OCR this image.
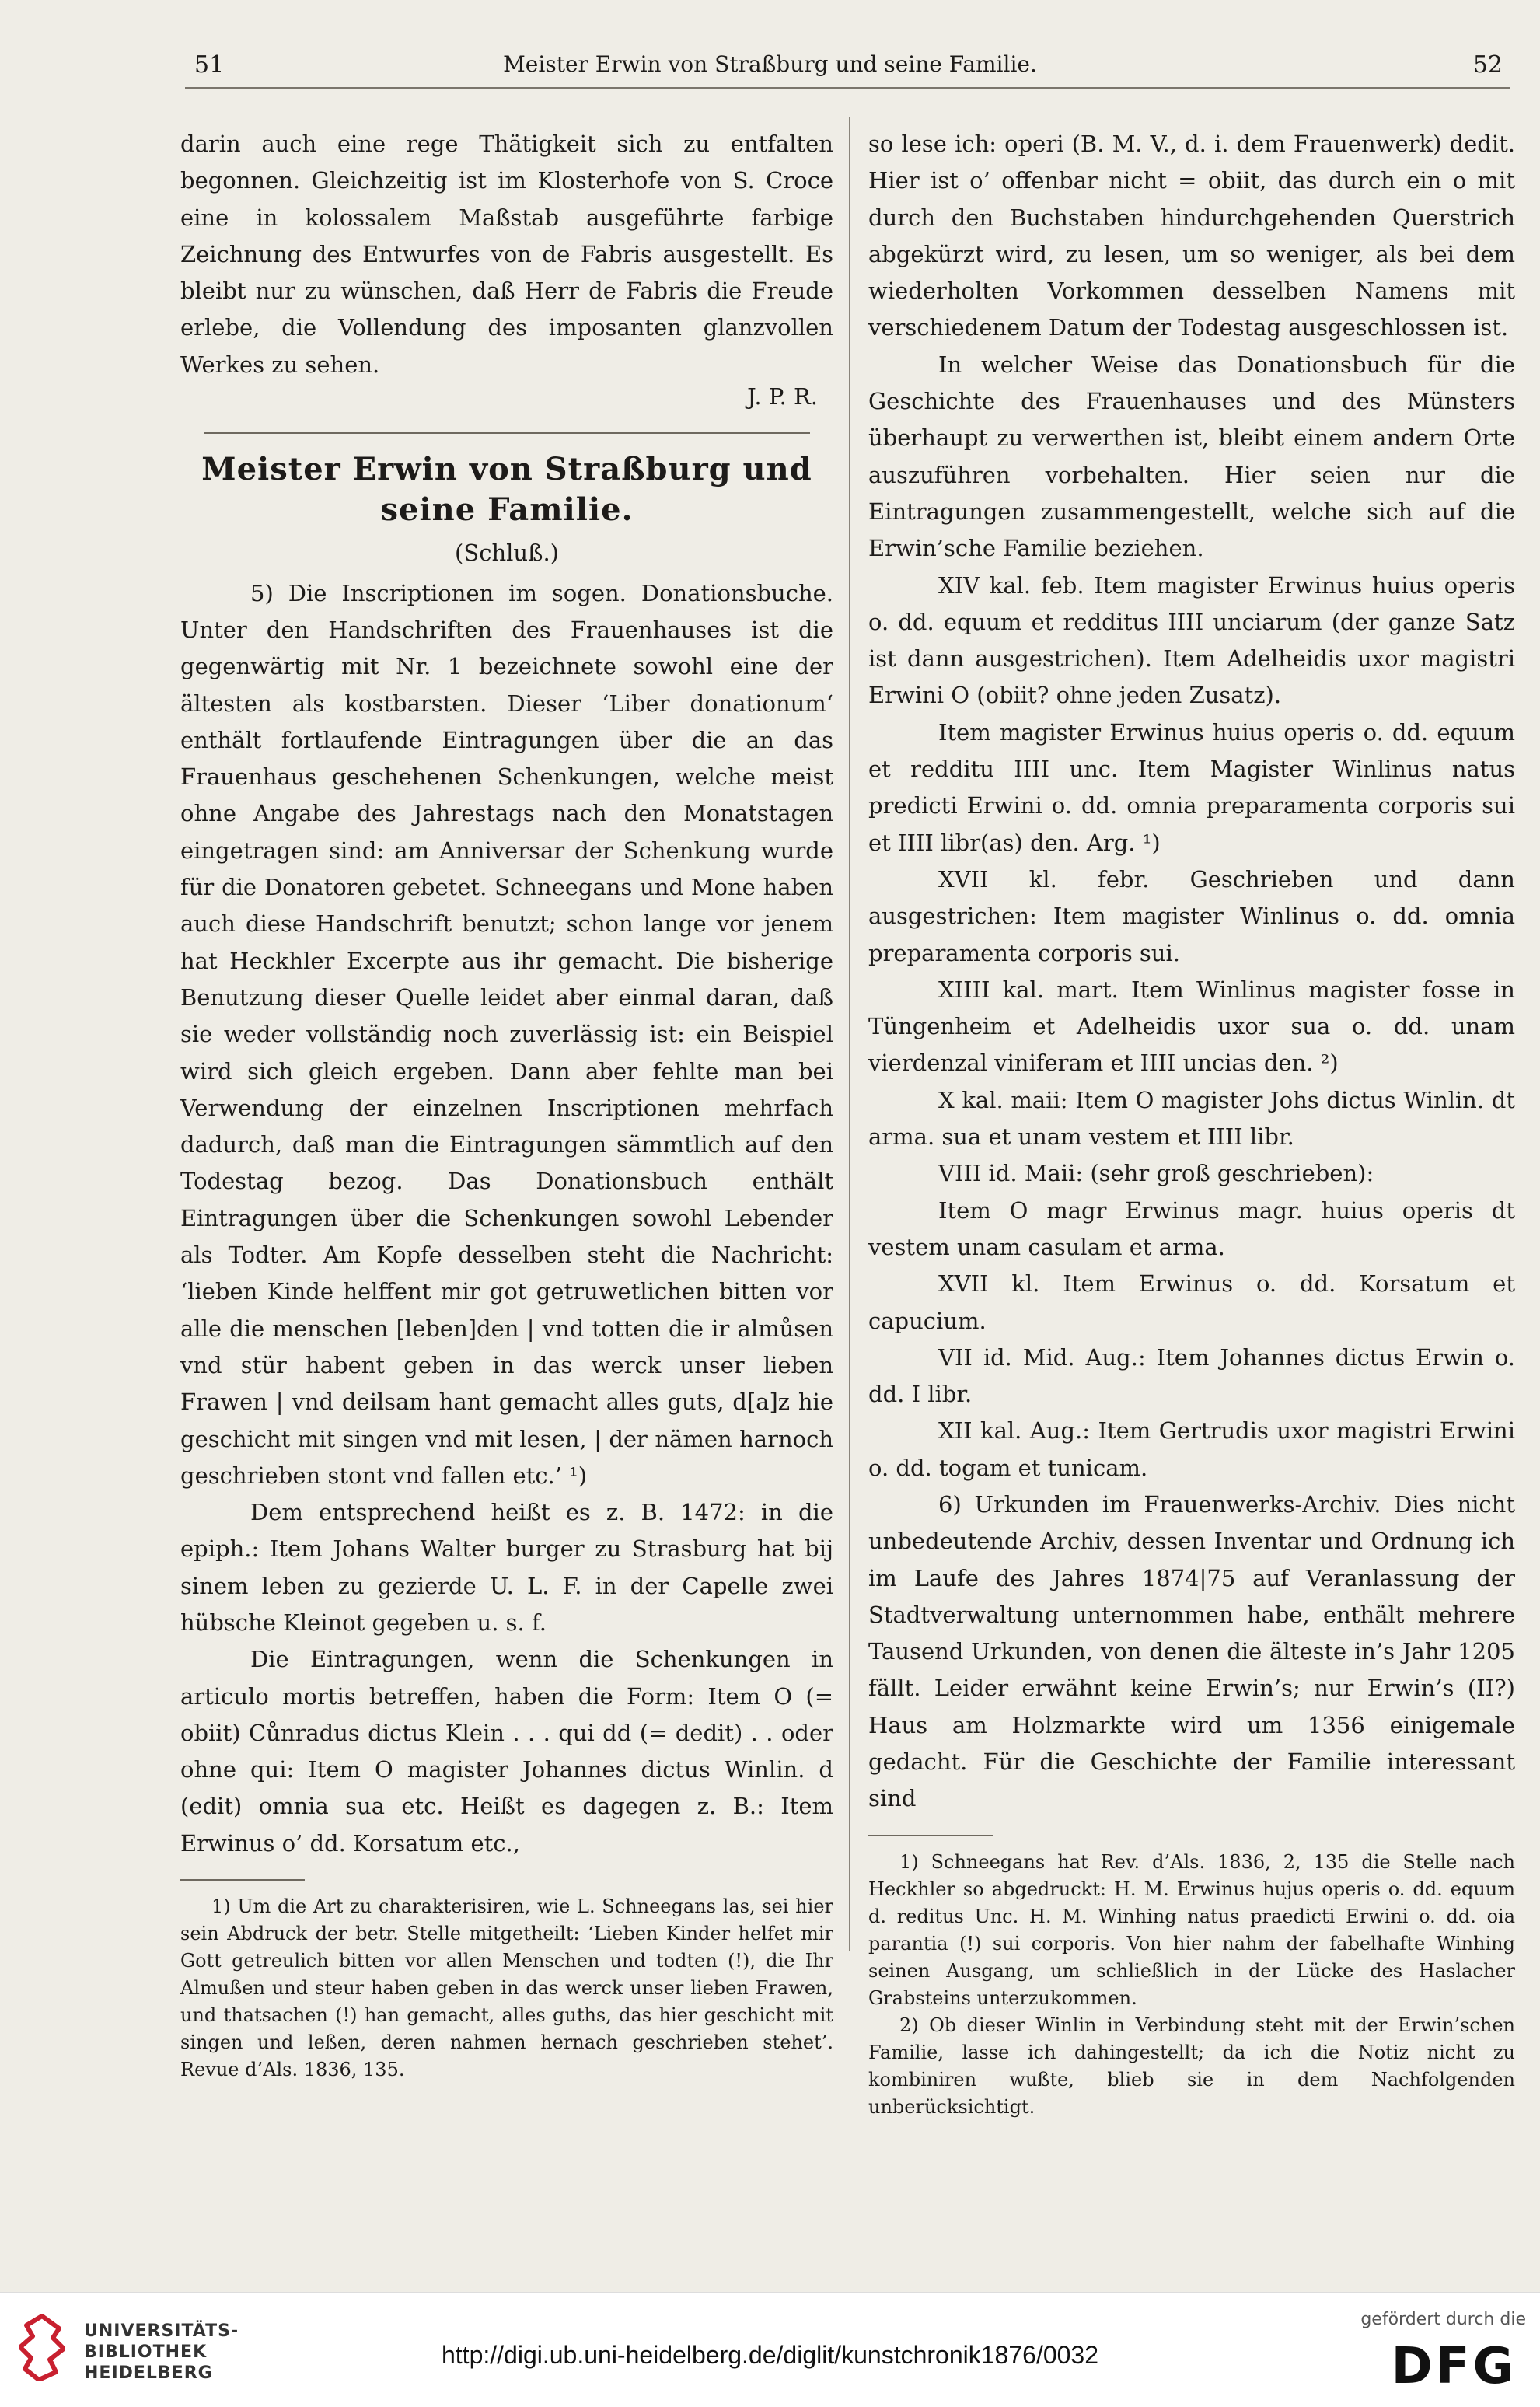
51	Meister Erwin von Straßburg und seine Familie.	52

darin auch eine rege Thätigkeit sich zu entfalten begonnen. Gleichzeitig ist im Klosterhofe von S. Croce eine in kolossalem Maßstab ausgeführte farbige Zeichnung des Entwurfes von de Fabris ausgestellt. Es bleibt nur zu wünschen, daß Herr de Fabris die Freude erlebe, die Vollendung des imposanten glanzvollen Werkes zu sehen.

J. P. R.

Meister Erwin von Straßburg und seine Familie.

(Schluß.)

5) Die Inscriptionen im sogen. Donationsbuche. Unter den Handschriften des Frauenhauses ist die gegenwärtig mit Nr. 1 bezeichnete sowohl eine der ältesten als kostbarsten. Dieser ‘Liber donationum‘ enthält fortlaufende Eintragungen über die an das Frauenhaus geschehenen Schenkungen, welche meist ohne Angabe des Jahrestags nach den Monatstagen eingetragen sind: am Anniversar der Schenkung wurde für die Donatoren gebetet. Schneegans und Mone haben auch diese Handschrift benutzt; schon lange vor jenem hat Heckhler Excerpte aus ihr gemacht. Die bisherige Benutzung dieser Quelle leidet aber einmal daran, daß sie weder vollständig noch zuverlässig ist: ein Beispiel wird sich gleich ergeben. Dann aber fehlte man bei Verwendung der einzelnen Inscriptionen mehrfach dadurch, daß man die Eintragungen sämmtlich auf den Todestag bezog. Das Donationsbuch enthält Eintragungen über die Schenkungen sowohl Lebender als Todter. Am Kopfe desselben steht die Nachricht: ‘lieben Kinde helffent mir got getruwetlichen bitten vor alle die menschen [leben]den | vnd totten die ir almůsen vnd stür habent geben in das werck unser lieben Frawen | vnd deilsam hant gemacht alles guts, d[a]z hie geschicht mit singen vnd mit lesen, | der nämen harnoch geschrieben stont vnd fallen etc.’ ¹)

Dem entsprechend heißt es z. B. 1472: in die epiph.: Item Johans Walter burger zu Strasburg hat bij sinem leben zu gezierde U. L. F. in der Capelle zwei hübsche Kleinot gegeben u. s. f.

Die Eintragungen, wenn die Schenkungen in articulo mortis betreffen, haben die Form: Item O (= obiit) Cůnradus dictus Klein . . . qui dd (= dedit) . . oder ohne qui: Item O magister Johannes dictus Winlin. d (edit) omnia sua etc. Heißt es dagegen z. B.: Item Erwinus o’ dd. Korsatum etc.,

1) Um die Art zu charakterisiren, wie L. Schneegans las, sei hier sein Abdruck der betr. Stelle mitgetheilt: ‘Lieben Kinder helfet mir Gott getreulich bitten vor allen Menschen und todten (!), die Ihr Almußen und steur haben geben in das werck unser lieben Frawen, und thatsachen (!) han gemacht, alles guths, das hier geschicht mit singen und leßen, deren nahmen hernach geschrieben stehet’. Revue d’Als. 1836, 135.

so lese ich: operi (B. M. V., d. i. dem Frauenwerk) dedit. Hier ist o’ offenbar nicht = obiit, das durch ein o mit durch den Buchstaben hindurchgehenden Querstrich abgekürzt wird, zu lesen, um so weniger, als bei dem wiederholten Vorkommen desselben Namens mit verschiedenem Datum der Todestag ausgeschlossen ist.

In welcher Weise das Donationsbuch für die Geschichte des Frauenhauses und des Münsters überhaupt zu verwerthen ist, bleibt einem andern Orte auszuführen vorbehalten. Hier seien nur die Eintragungen zusammengestellt, welche sich auf die Erwin’sche Familie beziehen.

XIV kal. feb. Item magister Erwinus huius operis o. dd. equum et redditus IIII unciarum (der ganze Satz ist dann ausgestrichen). Item Adelheidis uxor magistri Erwini O (obiit? ohne jeden Zusatz).

Item magister Erwinus huius operis o. dd. equum et redditu IIII unc. Item Magister Winlinus natus predicti Erwini o. dd. omnia preparamenta corporis sui et IIII libr(as) den. Arg. ¹)

XVII kl. febr. Geschrieben und dann ausgestrichen: Item magister Winlinus o. dd. omnia preparamenta corporis sui.

XIIII kal. mart. Item Winlinus magister fosse in Tüngenheim et Adelheidis uxor sua o. dd. unam vierdenzal viniferam et IIII uncias den. ²)

X kal. maii: Item O magister Johs dictus Winlin. dt arma. sua et unam vestem et IIII libr.

VIII id. Maii: (sehr groß geschrieben):

Item O magr Erwinus magr. huius operis dt vestem unam casulam et arma.

XVII kl. Item Erwinus o. dd. Korsatum et capucium.

VII id. Mid. Aug.: Item Johannes dictus Erwin o. dd. I libr.

XII kal. Aug.: Item Gertrudis uxor magistri Erwini o. dd. togam et tunicam.

6) Urkunden im Frauenwerks-Archiv. Dies nicht unbedeutende Archiv, dessen Inventar und Ordnung ich im Laufe des Jahres 1874|75 auf Veranlassung der Stadtverwaltung unternommen habe, enthält mehrere Tausend Urkunden, von denen die älteste in’s Jahr 1205 fällt. Leider erwähnt keine Erwin’s; nur Erwin’s (II?) Haus am Holzmarkte wird um 1356 einigemale gedacht. Für die Geschichte der Familie interessant sind

1) Schneegans hat Rev. d’Als. 1836, 2, 135 die Stelle nach Heckhler so abgedruckt: H. M. Erwinus hujus operis o. dd. equum d. reditus Unc. H. M. Winhing natus praedicti Erwini o. dd. oia parantia (!) sui corporis. Von hier nahm der fabelhafte Winhing seinen Ausgang, um schließlich in der Lücke des Haslacher Grabsteins unterzukommen.

2) Ob dieser Winlin in Verbindung steht mit der Erwin’schen Familie, lasse ich dahingestellt; da ich die Notiz nicht zu kombiniren wußte, blieb sie in dem Nachfolgenden unberücksichtigt.

UNIVERSITÄTS-
BIBLIOTHEK
HEIDELBERG
http://digi.ub.uni-heidelberg.de/diglit/kunstchronik1876/0032
gefördert durch die
DFG
